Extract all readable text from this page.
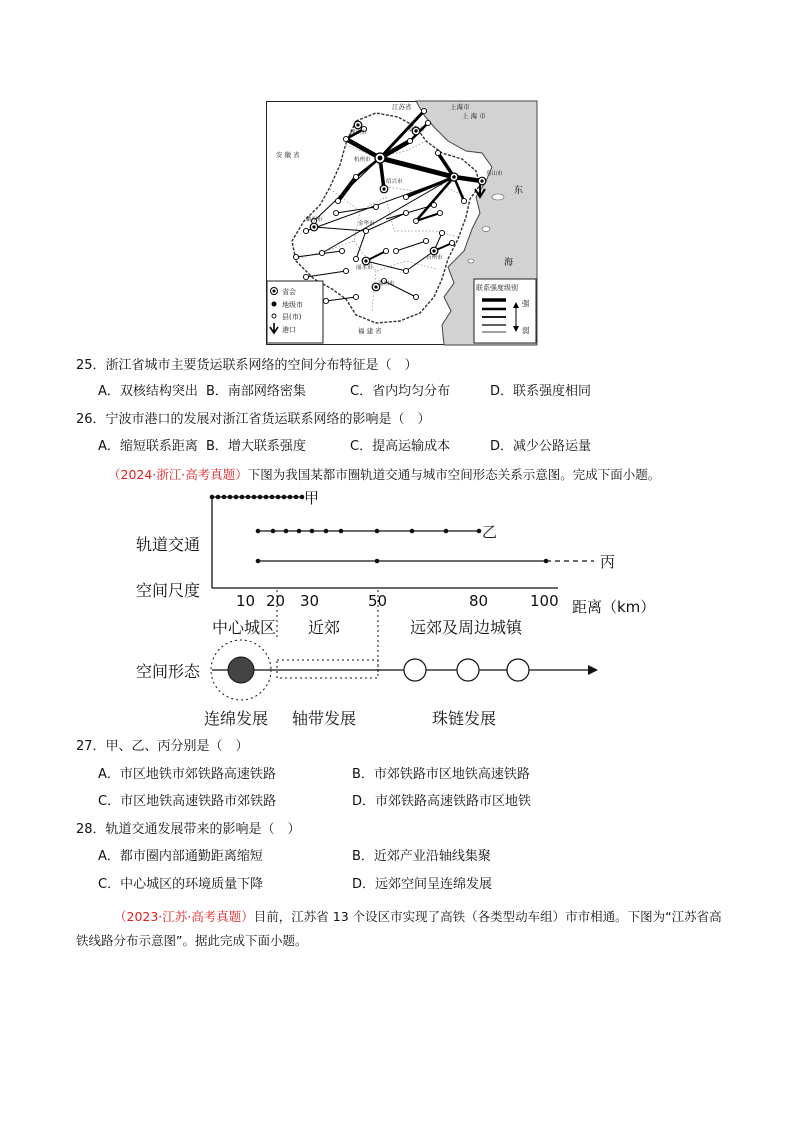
江苏省	上海市
上 海 市
安 徽 省
福 建 省
湖州市	嘉兴市
杭州市
绍兴市
舟山市
金华市
衢州市
台州市
丽水市
温州市
东
海
省会
地级市
县(市)
港口
联系强度级别
强
弱
25．浙江省城市主要货运联系网络的空间分布特征是（　）
A．双核结构突出 B．南部网络密集	C．省内均匀分布	D．联系强度相同
26．宁波市港口的发展对浙江省货运联系网络的影响是（　）
A．缩短联系距离 B．增大联系强度	C．提高运输成本	D．减少公路运量
（2024·浙江·高考真题）下图为我国某都市圈轨道交通与城市空间形态关系示意图。完成下面小题。
轨道交通
空间尺度
空间形态
甲
乙
丙
10 20 30	50	80	100 距离（km）
中心城区 近郊	远郊及周边城镇
连绵发展 轴带发展	珠链发展
27．甲、乙、丙分别是（　）
A．市区地铁市郊铁路高速铁路	B．市郊铁路市区地铁高速铁路
C．市区地铁高速铁路市郊铁路	D．市郊铁路高速铁路市区地铁
28．轨道交通发展带来的影响是（　）
A．都市圈内部通勤距离缩短	B．近郊产业沿轴线集聚
C．中心城区的环境质量下降	D．远郊空间呈连绵发展
（2023·江苏·高考真题）目前，江苏省 13 个设区市实现了高铁（各类型动车组）市市相通。下图为“江苏省高铁线路分布示意图”。据此完成下面小题。
